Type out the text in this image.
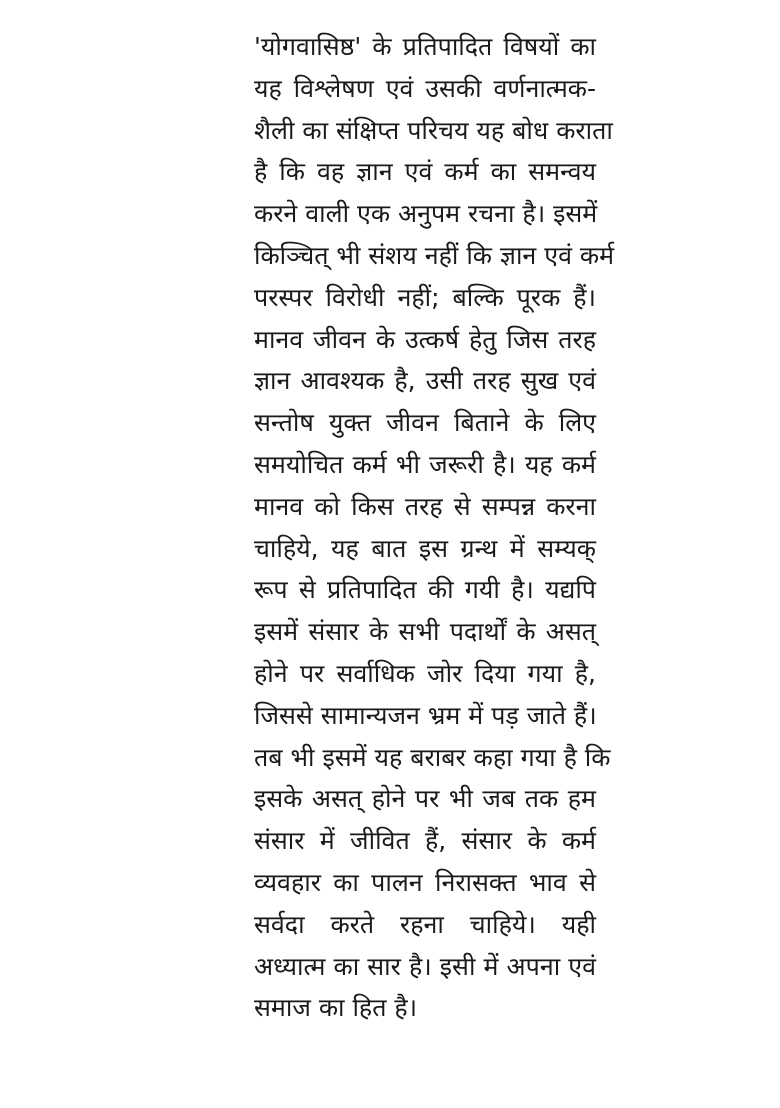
'योगवासिष्ठ' के प्रतिपादित विषयों का
यह विश्लेषण एवं उसकी वर्णनात्मक-
शैली का संक्षिप्त परिचय यह बोध कराता
है कि वह ज्ञान एवं कर्म का समन्वय
करने वाली एक अनुपम रचना है। इसमें
किञ्चित् भी संशय नहीं कि ज्ञान एवं कर्म
परस्पर विरोधी नहीं; बल्कि पूरक हैं।
मानव जीवन के उत्कर्ष हेतु जिस तरह
ज्ञान आवश्यक है, उसी तरह सुख एवं
सन्तोष युक्त जीवन बिताने के लिए
समयोचित कर्म भी जरूरी है। यह कर्म
मानव को किस तरह से सम्पन्न करना
चाहिये, यह बात इस ग्रन्थ में सम्यक्
रूप से प्रतिपादित की गयी है। यद्यपि
इसमें संसार के सभी पदार्थों के असत्
होने पर सर्वाधिक जोर दिया गया है,
जिससे सामान्यजन भ्रम में पड़ जाते हैं।
तब भी इसमें यह बराबर कहा गया है कि
इसके असत् होने पर भी जब तक हम
संसार में जीवित हैं, संसार के कर्म
व्यवहार का पालन निरासक्त भाव से
सर्वदा करते रहना चाहिये। यही
अध्यात्म का सार है। इसी में अपना एवं
समाज का हित है।
